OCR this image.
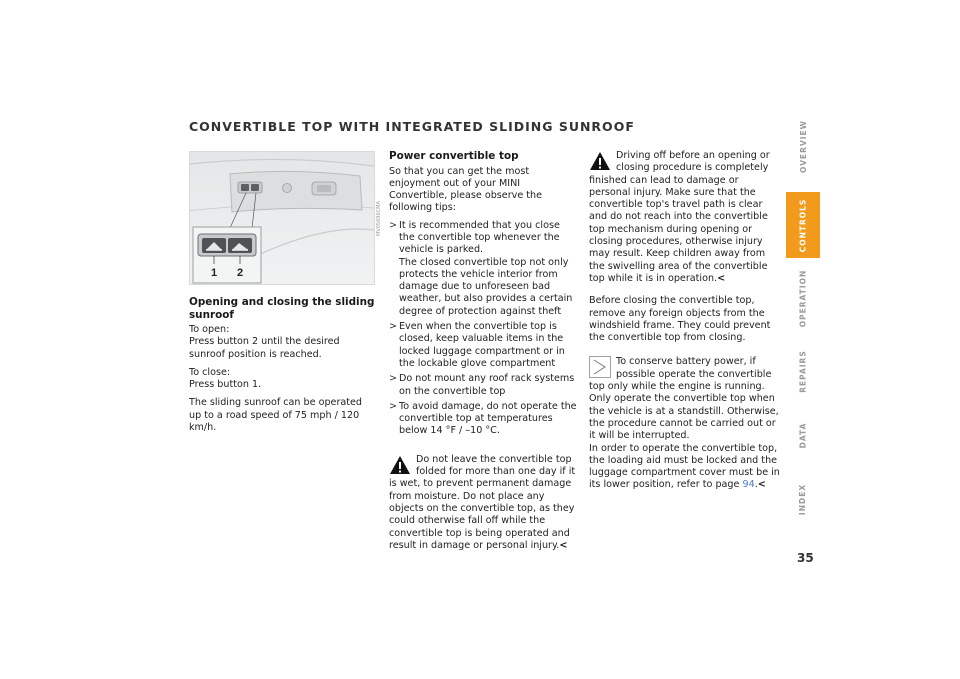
CONVERTIBLE TOP WITH INTEGRATED SLIDING SUNROOF
1 2
MV05696CMA
Opening and closing the sliding sunroof
To open:
Press button 2 until the desired sunroof position is reached.
To close:
Press button 1.

The sliding sunroof can be operated up to a road speed of 75 mph / 120 km/h.

Power convertible top

So that you can get the most enjoyment out of your MINI Convertible, please observe the following tips:

> It is recommended that you close the convertible top whenever the vehicle is parked.
The closed convertible top not only protects the vehicle interior from damage due to unforeseen bad weather, but also provides a certain degree of protection against theft
> Even when the convertible top is closed, keep valuable items in the locked luggage compartment or in the lockable glove compartment
> Do not mount any roof rack systems on the convertible top
> To avoid damage, do not operate the convertible top at temperatures below 14 °F / –10 °C.
Do not leave the convertible top folded for more than one day if it is wet, to prevent permanent damage from moisture. Do not place any objects on the convertible top, as they could otherwise fall off while the convertible top is being operated and result in damage or personal injury.<
Driving off before an opening or closing procedure is completely finished can lead to damage or personal injury. Make sure that the convertible top's travel path is clear and do not reach into the convertible top mechanism during opening or closing procedures, otherwise injury may result. Keep children away from the swivelling area of the convertible top while it is in operation.<

Before closing the convertible top, remove any foreign objects from the windshield frame. They could prevent the convertible top from closing.

To conserve battery power, if possible operate the convertible top only while the engine is running.
Only operate the convertible top when the vehicle is at a standstill. Otherwise, the procedure cannot be carried out or it will be interrupted.
In order to operate the convertible top, the loading aid must be locked and the luggage compartment cover must be in its lower position, refer to page 94.<
OVERVIEW
CONTROLS
OPERATION
REPAIRS
DATA
INDEX
35
